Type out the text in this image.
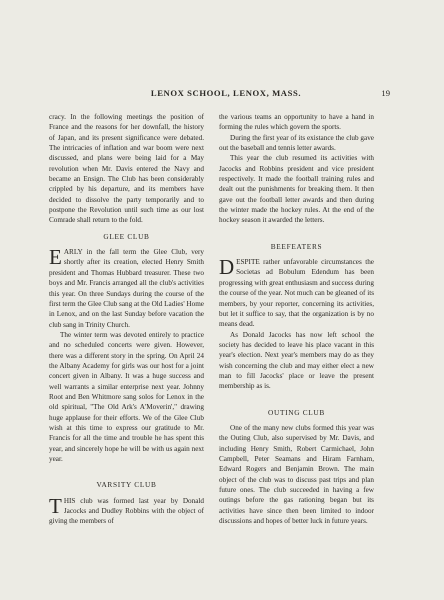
LENOX SCHOOL, LENOX, MASS.	19

cracy. In the following meetings the position of France and the reasons for her downfall, the history of Japan, and its present significance were debated. The intricacies of inflation and war boom were next discussed, and plans were being laid for a May revolution when Mr. Davis entered the Navy and became an Ensign. The Club has been considerably crippled by his departure, and its members have decided to dissolve the party temporarily and to postpone the Revolution until such time as our lost Comrade shall return to the fold.

GLEE CLUB

EARLY in the fall term the Glee Club, very shortly after its creation, elected Henry Smith president and Thomas Hubbard treasurer. These two boys and Mr. Francis arranged all the club's activities this year. On three Sundays during the course of the first term the Glee Club sang at the Old Ladies' Home in Lenox, and on the last Sunday before vacation the club sang in Trinity Church.

The winter term was devoted entirely to practice and no scheduled concerts were given. However, there was a different story in the spring. On April 24 the Albany Academy for girls was our host for a joint concert given in Albany. It was a huge success and well warrants a similar enterprise next year. Johnny Root and Ben Whitmore sang solos for Lenox in the old spiritual, "The Old Ark's A'Moverin'," drawing huge applause for their efforts. We of the Glee Club wish at this time to express our gratitude to Mr. Francis for all the time and trouble he has spent this year, and sincerely hope he will be with us again next year.

VARSITY CLUB

THIS club was formed last year by Donald Jacocks and Dudley Robbins with the object of giving the members of

the various teams an opportunity to have a hand in forming the rules which govern the sports.

During the first year of its existance the club gave out the baseball and tennis letter awards.

This year the club resumed its activities with Jacocks and Robbins president and vice president respectively. It made the football training rules and dealt out the punishments for breaking them. It then gave out the football letter awards and then during the winter made the hockey rules. At the end of the hockey season it awarded the letters.

BEEFEATERS

DESPITE rather unfavorable circumstances the Societas ad Bobulum Edendum has been progressing with great enthusiasm and success during the course of the year. Not much can be gleaned of its members, by your reporter, concerning its activities, but let it suffice to say, that the organization is by no means dead.

As Donald Jacocks has now left school the society has decided to leave his place vacant in this year's election. Next year's members may do as they wish concerning the club and may either elect a new man to fill Jacocks' place or leave the present membership as is.

OUTING CLUB

One of the many new clubs formed this year was the Outing Club, also supervised by Mr. Davis, and including Henry Smith, Robert Carmichael, John Campbell, Peter Seamans and Hiram Farnham, Edward Rogers and Benjamin Brown. The main object of the club was to discuss past trips and plan future ones. The club succeeded in having a few outings before the gas rationing began but its activities have since then been limited to indoor discussions and hopes of better luck in future years.
